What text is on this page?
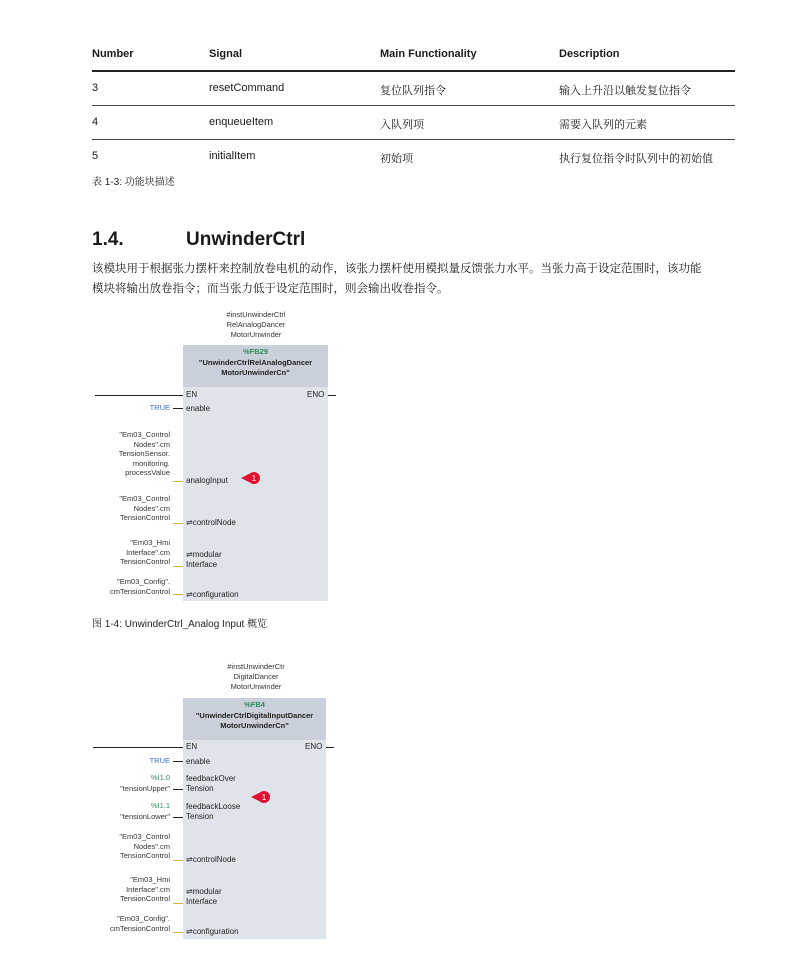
Number	Signal	Main Functionality	Description
3	resetCommand	复位队列指令	输入上升沿以触发复位指令
4	enqueueItem	入队列项	需要入队列的元素
5	initialItem	初始项	执行复位指令时队列中的初始值
表 1-3: 功能块描述
1.4.	UnwinderCtrl
该模块用于根据张力摆杆来控制放卷电机的动作，该张力摆杆使用模拟量反馈张力水平。当张力高于设定范围时，该功能
模块将输出放卷指令；而当张力低于设定范围时，则会输出收卷指令。
#instUnwinderCtrl
RelAnalogDancer
MotorUnwinder
%FB29
"UnwinderCtrlRelAnalogDancer
MotorUnwinderCn"
EN	ENO
TRUE enable
"Em03_Control
Nodes".cm
TensionSensor.
monitoring.
processValue
analogInput	1
"Em03_Control
Nodes".cm
TensionControl
⇌controlNode
"Em03_Hmi
Interface".cm
TensionControl
⇌modular
Interface
"Em03_Config".
cmTensionControl ⇌configuration
图 1-4: UnwinderCtrl_Analog Input 概览
#instUnwinderCtr
DigitalDancer
MotorUnwinder
%FB4
"UnwinderCtrlDigitalInputDancer
MotorUnwinderCn"
EN	ENO
TRUE enable
%I1.0
"tensionUpper"
feedbackOver
Tension
1
%I1.1
"tensionLower"
feedbackLoose
Tension
"Em03_Control
Nodes".cm
TensionControl ⇌controlNode
"Em03_Hmi
Interface".cm
TensionControl
⇌modular
Interface
"Em03_Config".
cmTensionControl ⇌configuration
